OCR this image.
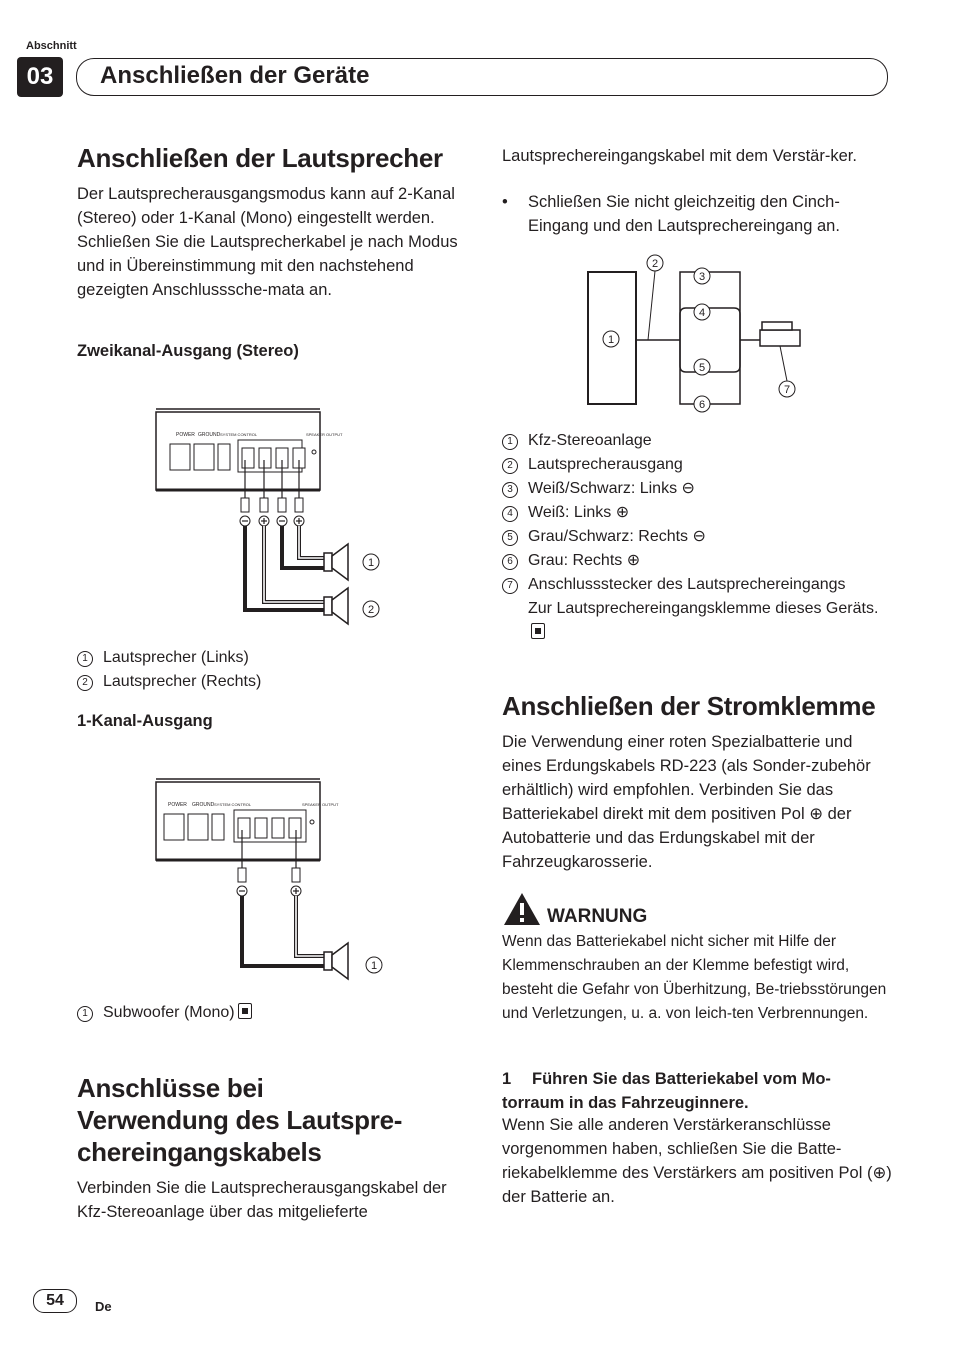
Abschnitt
03	Anschließen der Geräte
Anschließen der Lautsprecher
Der Lautsprecherausgangsmodus kann auf 2-Kanal (Stereo) oder 1-Kanal (Mono) eingestellt werden. Schließen Sie die Lautsprecherkabel je nach Modus und in Übereinstimmung mit den nachstehend gezeigten Anschlusssche-mata an.
Zweikanal-Ausgang (Stereo)
POWER GROUND SYSTEM CONTROL	SPEAKER OUTPUT
1
2
1 Lautsprecher (Links)
2 Lautsprecher (Rechts)
1-Kanal-Ausgang
POWER GROUND SYSTEM CONTROL	SPEAKER OUTPUT
1
1 Subwoofer (Mono)
Anschlüsse bei
Verwendung des Lautspre-
chereingangskabels
Verbinden Sie die Lautsprecherausgangskabel der Kfz-Stereoanlage über das mitgelieferte
Lautsprechereingangskabel mit dem Verstär-ker.
• Schließen Sie nicht gleichzeitig den Cinch-Eingang und den Lautsprechereingang an.
1
2
3
4
5
6
7
1 Kfz-Stereoanlage
2 Lautsprecherausgang
3 Weiß/Schwarz: Links ⊖
4 Weiß: Links ⊕
5 Grau/Schwarz: Rechts ⊖
6 Grau: Rechts ⊕
7 Anschlussstecker des Lautsprechereingangs
Zur Lautsprechereingangsklemme dieses Geräts.
Anschließen der Stromklemme
Die Verwendung einer roten Spezialbatterie und eines Erdungskabels RD-223 (als Sonder-zubehör erhältlich) wird empfohlen. Verbinden Sie das Batteriekabel direkt mit dem positiven Pol ⊕ der Autobatterie und das Erdungskabel mit der Fahrzeugkarosserie.
WARNUNG
Wenn das Batteriekabel nicht sicher mit Hilfe der Klemmenschrauben an der Klemme befestigt wird, besteht die Gefahr von Überhitzung, Be-triebsstörungen und Verletzungen, u. a. von leich-ten Verbrennungen.
1 Führen Sie das Batteriekabel vom Mo-torraum in das Fahrzeuginnere.
Wenn Sie alle anderen Verstärkeranschlüsse vorgenommen haben, schließen Sie die Batte-riekabelklemme des Verstärkers am positiven Pol (⊕) der Batterie an.
54	De
